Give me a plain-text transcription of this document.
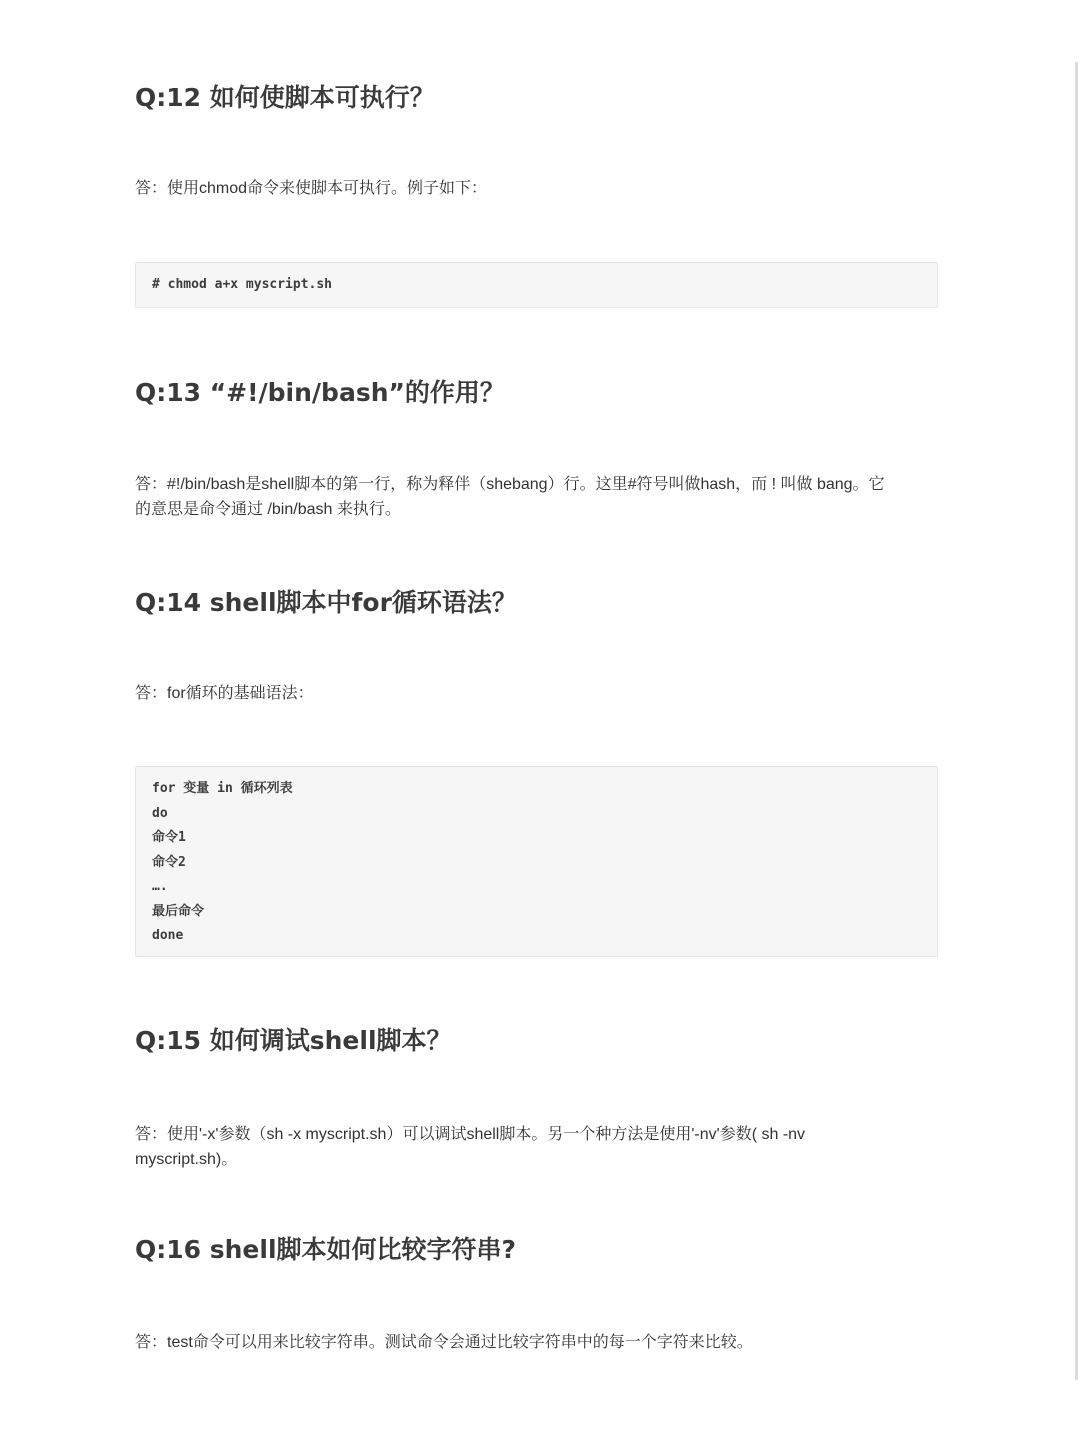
Q:12 如何使脚本可执行？

答：使用chmod命令来使脚本可执行。例子如下：

# chmod a+x myscript.sh
Q:13 “#!/bin/bash”的作用？

答：#!/bin/bash是shell脚本的第一行，称为释伴（shebang）行。这里#符号叫做hash，而 ! 叫做 bang。它的意思是命令通过 /bin/bash 来执行。

Q:14 shell脚本中for循环语法？

答：for循环的基础语法：

for 变量 in 循环列表
do
命令1
命令2
….
最后命令
done
Q:15 如何调试shell脚本？

答：使用'-x'参数（sh -x myscript.sh）可以调试shell脚本。另一个种方法是使用'-nv'参数( sh -nv myscript.sh)。

Q:16 shell脚本如何比较字符串?

答：test命令可以用来比较字符串。测试命令会通过比较字符串中的每一个字符来比较。
